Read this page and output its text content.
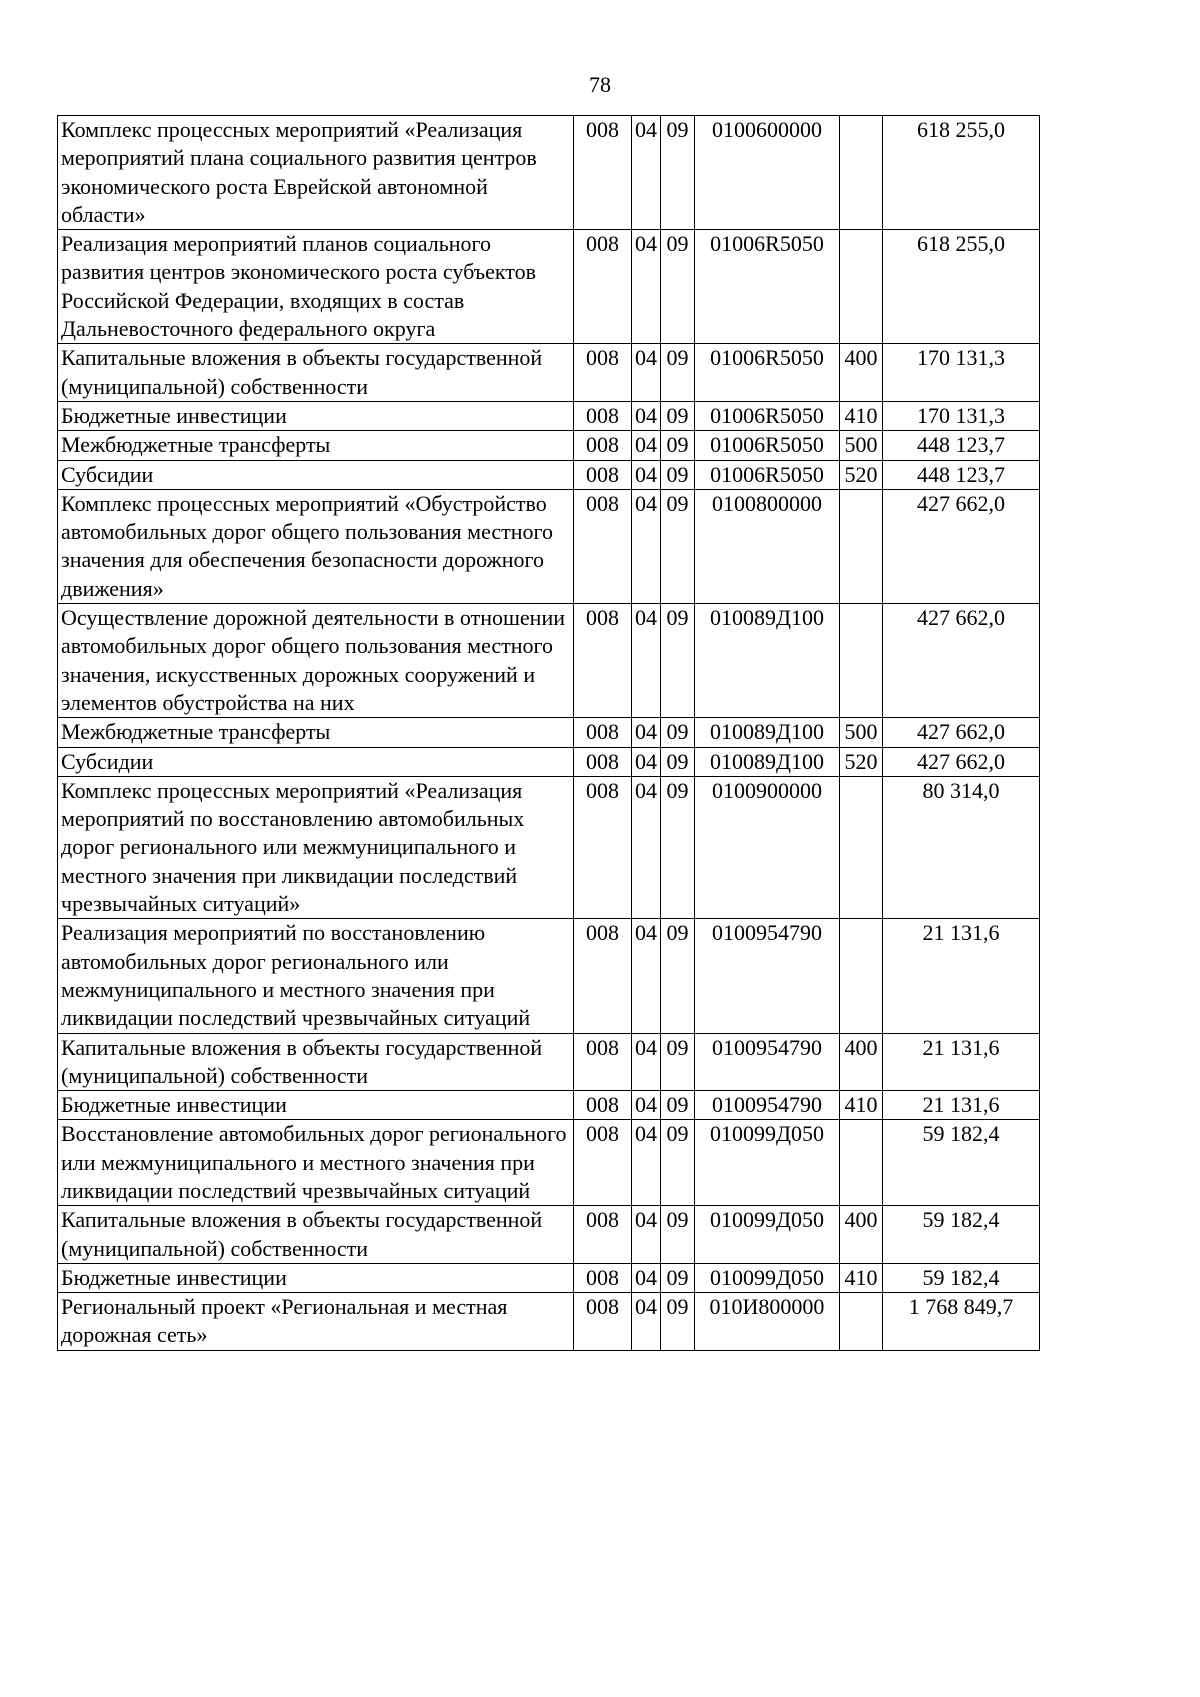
78
Комплекс процессных мероприятий «Реализация мероприятий плана социального развития центров экономического роста Еврейской автономной области»	008	04	09	0100600000		618 255,0
Реализация мероприятий планов социального развития центров экономического роста субъектов Российской Федерации, входящих в состав Дальневосточного федерального округа	008	04	09	01006R5050		618 255,0
Капитальные вложения в объекты государственной (муниципальной) собственности	008	04	09	01006R5050	400	170 131,3
Бюджетные инвестиции	008	04	09	01006R5050	410	170 131,3
Межбюджетные трансферты	008	04	09	01006R5050	500	448 123,7
Субсидии	008	04	09	01006R5050	520	448 123,7
Комплекс процессных мероприятий «Обустройство автомобильных дорог общего пользования местного значения для обеспечения безопасности дорожного движения»	008	04	09	0100800000		427 662,0
Осуществление дорожной деятельности в отношении автомобильных дорог общего пользования местного значения, искусственных дорожных сооружений и элементов обустройства на них	008	04	09	010089Д100		427 662,0
Межбюджетные трансферты	008	04	09	010089Д100	500	427 662,0
Субсидии	008	04	09	010089Д100	520	427 662,0
Комплекс процессных мероприятий «Реализация мероприятий по восстановлению автомобильных дорог регионального или межмуниципального и местного значения при ликвидации последствий чрезвычайных ситуаций»	008	04	09	0100900000		80 314,0
Реализация мероприятий по восстановлению автомобильных дорог регионального или межмуниципального и местного значения при ликвидации последствий чрезвычайных ситуаций	008	04	09	0100954790		21 131,6
Капитальные вложения в объекты государственной (муниципальной) собственности	008	04	09	0100954790	400	21 131,6
Бюджетные инвестиции	008	04	09	0100954790	410	21 131,6
Восстановление автомобильных дорог регионального или межмуниципального и местного значения при ликвидации последствий чрезвычайных ситуаций	008	04	09	010099Д050		59 182,4
Капитальные вложения в объекты государственной (муниципальной) собственности	008	04	09	010099Д050	400	59 182,4
Бюджетные инвестиции	008	04	09	010099Д050	410	59 182,4
Региональный проект «Региональная и местная дорожная сеть»	008	04	09	010И800000		1 768 849,7
